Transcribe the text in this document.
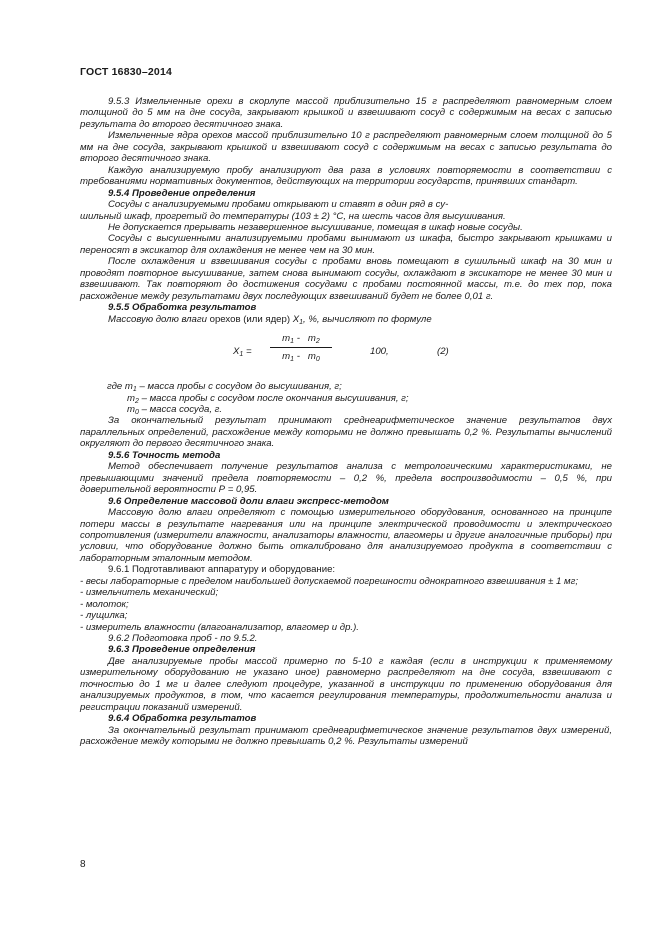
ГОСТ 16830–2014

9.5.3 Измельченные орехи в скорлупе массой приблизительно 15 г распределяют равномерным слоем толщиной до 5 мм на дне сосуда, закрывают крышкой и взвешивают сосуд с содержимым на весах с записью результата до второго десятичного знака.

Измельченные ядра орехов массой приблизительно 10 г распределяют равномерным слоем толщиной до 5 мм на дне сосуда, закрывают крышкой и взвешивают сосуд с содержимым на весах с записью результата до второго десятичного знака.

Каждую анализируемую пробу анализируют два раза в условиях повторяемости в соответствии с требованиями нормативных документов, действующих на территории государств, принявших стандарт.

9.5.4 Проведение определения

Сосуды с анализируемыми пробами открывают и ставят в один ряд в су-

шильный шкаф, прогретый до температуры (103 ± 2) °С, на шесть часов для высушивания.

Не допускается прерывать незавершенное высушивание, помещая в шкаф новые сосуды.

Сосуды с высушенными анализируемыми пробами вынимают из шкафа, быстро закрывают крышками и переносят в эксикатор для охлаждения не менее чем на 30 мин.

После охлаждения и взвешивания сосуды с пробами вновь помещают в сушильный шкаф на 30 мин и проводят повторное высушивание, затем снова вынимают сосуды, охлаждают в эксикаторе не менее 30 мин и взвешивают. Так повторяют до достижения сосудами с пробами постоянной массы, т.е. до тех пор, пока расхождение между результатами двух последующих взвешиваний будет не более 0,01 г.

9.5.5 Обработка результатов

Массовую долю влаги орехов (или ядер) $Х_1$, %, вычисляют по формуле

$Х_1$ =
$m_1 - m_2$
$m_1 - m_0$
100,	(2)

где $m_1$ – масса пробы с сосудом до высушивания, г;

$m_2$ – масса пробы с сосудом после окончания высушивания, г;

$m_0$ – масса сосуда, г.

За окончательный результат принимают среднеарифметическое значение результатов двух параллельных определений, расхождение между которыми не должно превышать 0,2 %. Результаты вычислений округляют до первого десятичного знака.

9.5.6 Точность метода

Метод обеспечивает получение результатов анализа с метрологическими характеристиками, не превышающими значений предела повторяемости – 0,2 %, предела воспроизводимости – 0,5 %, при доверительной вероятности Р = 0,95.

9.6 Определение массовой доли влаги экспресс-методом

Массовую долю влаги определяют с помощью измерительного оборудования, основанного на принципе потери массы в результате нагревания или на принципе электрической проводимости и электрического сопротивления (измерители влажности, анализаторы влажности, влагомеры и другие аналогичные приборы) при условии, что оборудование должно быть откалибровано для анализируемого продукта в соответствии с лабораторным эталонным методом.

9.6.1 Подготавливают аппаратуру и оборудование:

- весы лабораторные с пределом наибольшей допускаемой погрешности однократного взвешивания ± 1 мг;

- измельчитель механический;

- молоток;

- лущилка;

- измеритель влажности (влагоанализатор, влагомер и др.).

9.6.2 Подготовка проб - по 9.5.2.

9.6.3 Проведение определения

Две анализируемые пробы массой примерно по 5-10 г каждая (если в инструкции к применяемому измерительному оборудованию не указано иное) равномерно распределяют на дне сосуда, взвешивают с точностью до 1 мг и далее следуют процедуре, указанной в инструкции по применению оборудования для анализируемых продуктов, в том, что касается регулирования температуры, продолжительности анализа и регистрации показаний измерений.

9.6.4 Обработка результатов

За окончательный результат принимают среднеарифметическое значение результатов двух измерений, расхождение между которыми не должно превышать 0,2 %. Результаты измерений

8
